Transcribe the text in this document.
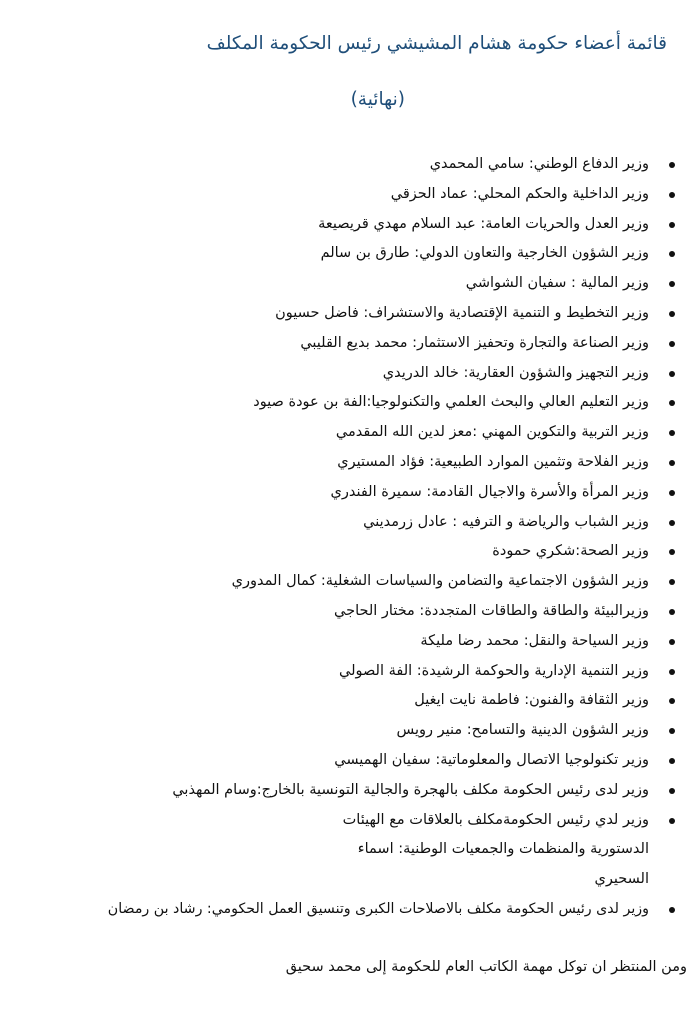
قائمة أعضاء حكومة هشام المشيشي رئيس الحكومة المكلف
(نهائية)
وزير الدفاع الوطني: سامي المحمدي
وزير الداخلية والحكم المحلي: عماد الحزقي
وزير العدل والحريات العامة: عبد السلام مهدي قريصيعة
وزير الشؤون الخارجية والتعاون الدولي: طارق بن سالم
وزير المالية : سفيان الشواشي
وزير التخطيط و التنمية الإقتصادية والاستشراف: فاضل حسيون
وزير الصناعة والتجارة وتحفيز الاستثمار: محمد بديع القليبي
وزير التجهيز والشؤون العقارية: خالد الدريدي
وزير التعليم العالي والبحث العلمي والتكنولوجيا:الفة بن عودة صيود
وزير التربية والتكوين المهني :معز لدين الله المقدمي
وزير الفلاحة وتثمين الموارد الطبيعية: فؤاد المستيري
وزير المرأة والأسرة والاجيال القادمة: سميرة الفندري
وزير الشباب والرياضة و الترفيه : عادل زرمديني
وزير الصحة:شكري حمودة
وزير الشؤون الاجتماعية والتضامن والسياسات الشغلية: كمال المدوري
وزيرالبيئة والطاقة والطاقات المتجددة: مختار الحاجي
وزير السياحة والنقل: محمد رضا مليكة
وزير التنمية الإدارية والحوكمة الرشيدة: الفة الصولي
وزير الثقافة والفنون: فاطمة نايت ايغيل
وزير الشؤون الدينية والتسامح: منير رويس
وزير تكنولوجيا الاتصال والمعلوماتية: سفيان الهميسي
وزير لدى رئيس الحكومة مكلف بالهجرة والجالية التونسية بالخارج:وسام المهذبي
وزير لدي رئيس الحكومةمكلف بالعلاقات مع الهيئات
الدستورية والمنظمات والجمعيات الوطنية: اسماء
السحيري
وزير لدى رئيس الحكومة مكلف بالاصلاحات الكبرى وتنسيق العمل الحكومي: رشاد بن رمضان
ومن المنتظر ان توكل مهمة الكاتب العام للحكومة إلى محمد سحيق
